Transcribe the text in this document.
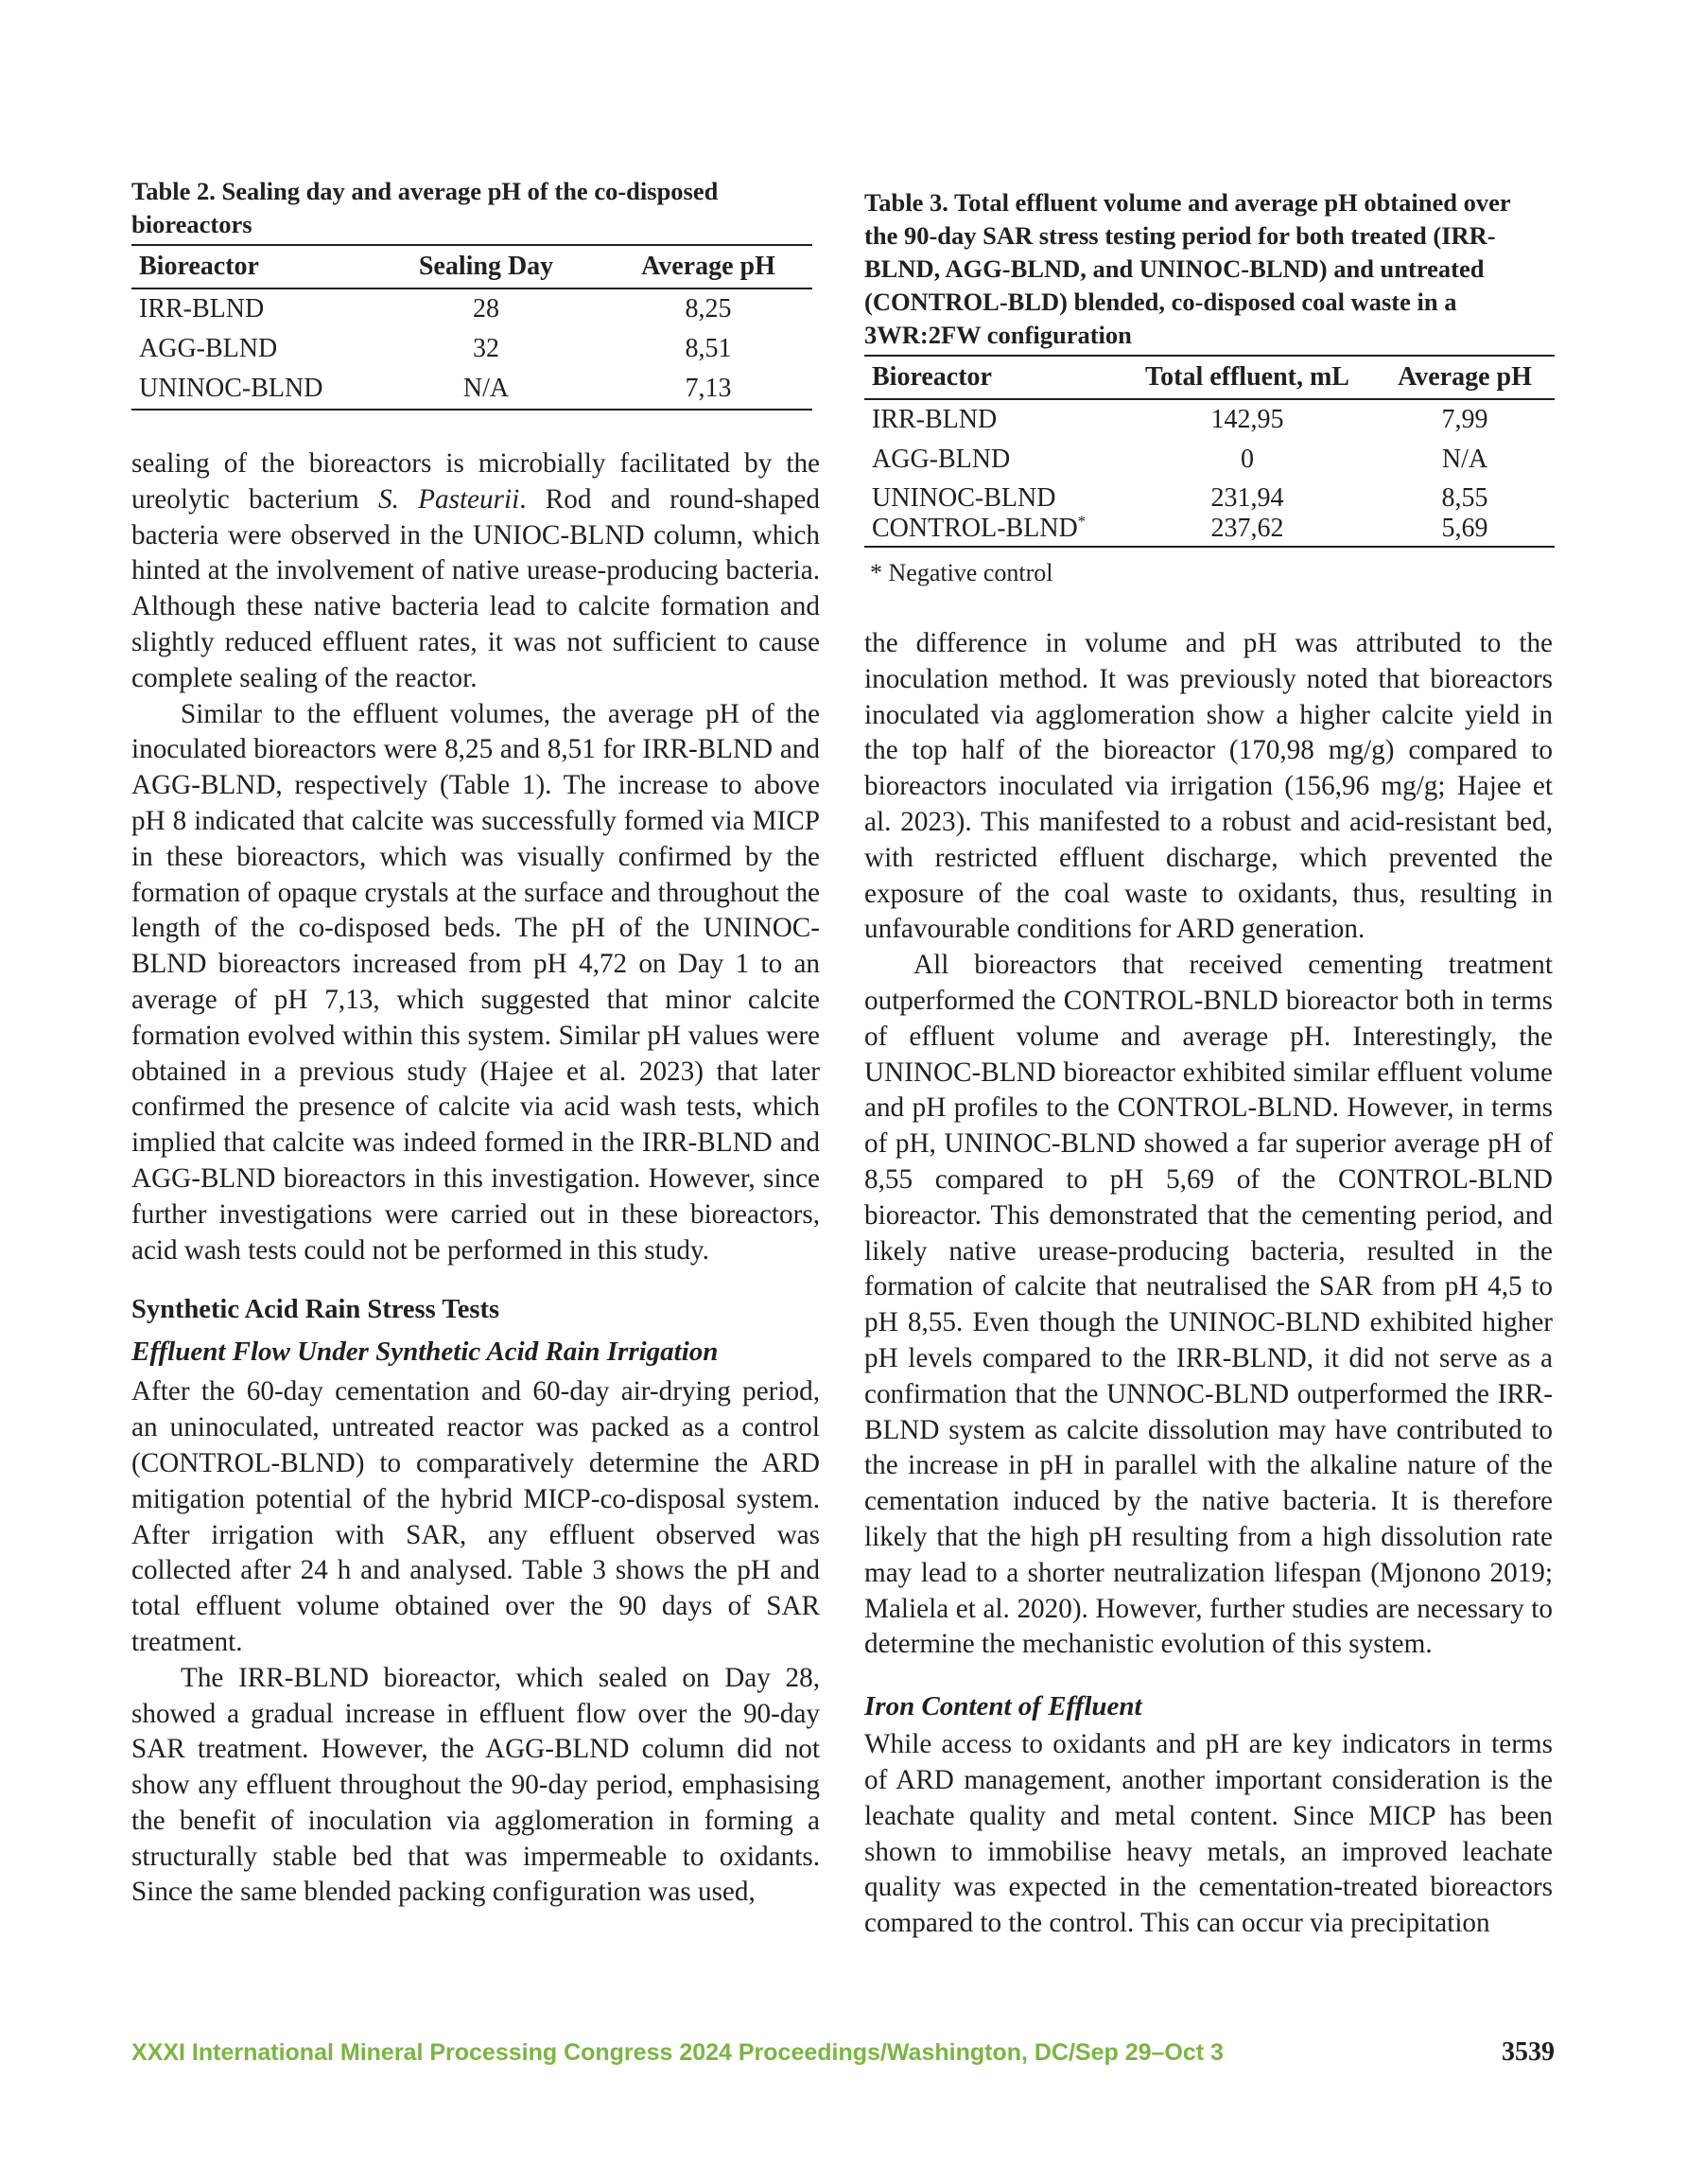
Table 2. Sealing day and average pH of the co-disposed bioreactors

Bioreactor	Sealing Day	Average pH
IRR-BLND	28	8,25
AGG-BLND	32	8,51
UNINOC-BLND	N/A	7,13

sealing of the bioreactors is microbially facilitated by the ureolytic bacterium S. Pasteurii. Rod and round-shaped bacteria were observed in the UNIOC-BLND column, which hinted at the involvement of native urease-producing bacteria. Although these native bacteria lead to calcite formation and slightly reduced effluent rates, it was not sufficient to cause complete sealing of the reactor.

Similar to the effluent volumes, the average pH of the inoculated bioreactors were 8,25 and 8,51 for IRR-BLND and AGG-BLND, respectively (Table 1). The increase to above pH 8 indicated that calcite was successfully formed via MICP in these bioreactors, which was visually confirmed by the formation of opaque crystals at the surface and throughout the length of the co-disposed beds. The pH of the UNINOC-BLND bioreactors increased from pH 4,72 on Day 1 to an average of pH 7,13, which suggested that minor calcite formation evolved within this system. Similar pH values were obtained in a previous study (Hajee et al. 2023) that later confirmed the presence of calcite via acid wash tests, which implied that calcite was indeed formed in the IRR-BLND and AGG-BLND bioreactors in this investigation. However, since further investigations were carried out in these bioreactors, acid wash tests could not be performed in this study.

Synthetic Acid Rain Stress Tests
Effluent Flow Under Synthetic Acid Rain Irrigation

After the 60-day cementation and 60-day air-drying period, an uninoculated, untreated reactor was packed as a control (CONTROL-BLND) to comparatively determine the ARD mitigation potential of the hybrid MICP-co-disposal system. After irrigation with SAR, any effluent observed was collected after 24 h and analysed. Table 3 shows the pH and total effluent volume obtained over the 90 days of SAR treatment.

The IRR-BLND bioreactor, which sealed on Day 28, showed a gradual increase in effluent flow over the 90-day SAR treatment. However, the AGG-BLND column did not show any effluent throughout the 90-day period, emphasising the benefit of inoculation via agglomeration in forming a structurally stable bed that was impermeable to oxidants. Since the same blended packing configuration was used,

Table 3. Total effluent volume and average pH obtained over the 90-day SAR stress testing period for both treated (IRR-BLND, AGG-BLND, and UNINOC-BLND) and untreated (CONTROL-BLD) blended, co-disposed coal waste in a 3WR:2FW configuration

Bioreactor	Total effluent, mL	Average pH
IRR-BLND	142,95	7,99
AGG-BLND	0	N/A
UNINOC-BLND	231,94	8,55
CONTROL-BLND*	237,62	5,69
* Negative control

the difference in volume and pH was attributed to the inoculation method. It was previously noted that bioreactors inoculated via agglomeration show a higher calcite yield in the top half of the bioreactor (170,98 mg/g) compared to bioreactors inoculated via irrigation (156,96 mg/g; Hajee et al. 2023). This manifested to a robust and acid-resistant bed, with restricted effluent discharge, which prevented the exposure of the coal waste to oxidants, thus, resulting in unfavourable conditions for ARD generation.

All bioreactors that received cementing treatment outperformed the CONTROL-BNLD bioreactor both in terms of effluent volume and average pH. Interestingly, the UNINOC-BLND bioreactor exhibited similar effluent volume and pH profiles to the CONTROL-BLND. However, in terms of pH, UNINOC-BLND showed a far superior average pH of 8,55 compared to pH 5,69 of the CONTROL-BLND bioreactor. This demonstrated that the cementing period, and likely native urease-producing bacteria, resulted in the formation of calcite that neutralised the SAR from pH 4,5 to pH 8,55. Even though the UNINOC-BLND exhibited higher pH levels compared to the IRR-BLND, it did not serve as a confirmation that the UNNOC-BLND outperformed the IRR-BLND system as calcite dissolution may have contributed to the increase in pH in parallel with the alkaline nature of the cementation induced by the native bacteria. It is therefore likely that the high pH resulting from a high dissolution rate may lead to a shorter neutralization lifespan (Mjonono 2019; Maliela et al. 2020). However, further studies are necessary to determine the mechanistic evolution of this system.

Iron Content of Effluent

While access to oxidants and pH are key indicators in terms of ARD management, another important consideration is the leachate quality and metal content. Since MICP has been shown to immobilise heavy metals, an improved leachate quality was expected in the cementation-treated bioreactors compared to the control. This can occur via precipitation

XXXI International Mineral Processing Congress 2024 Proceedings/Washington, DC/Sep 29–Oct 3	3539
